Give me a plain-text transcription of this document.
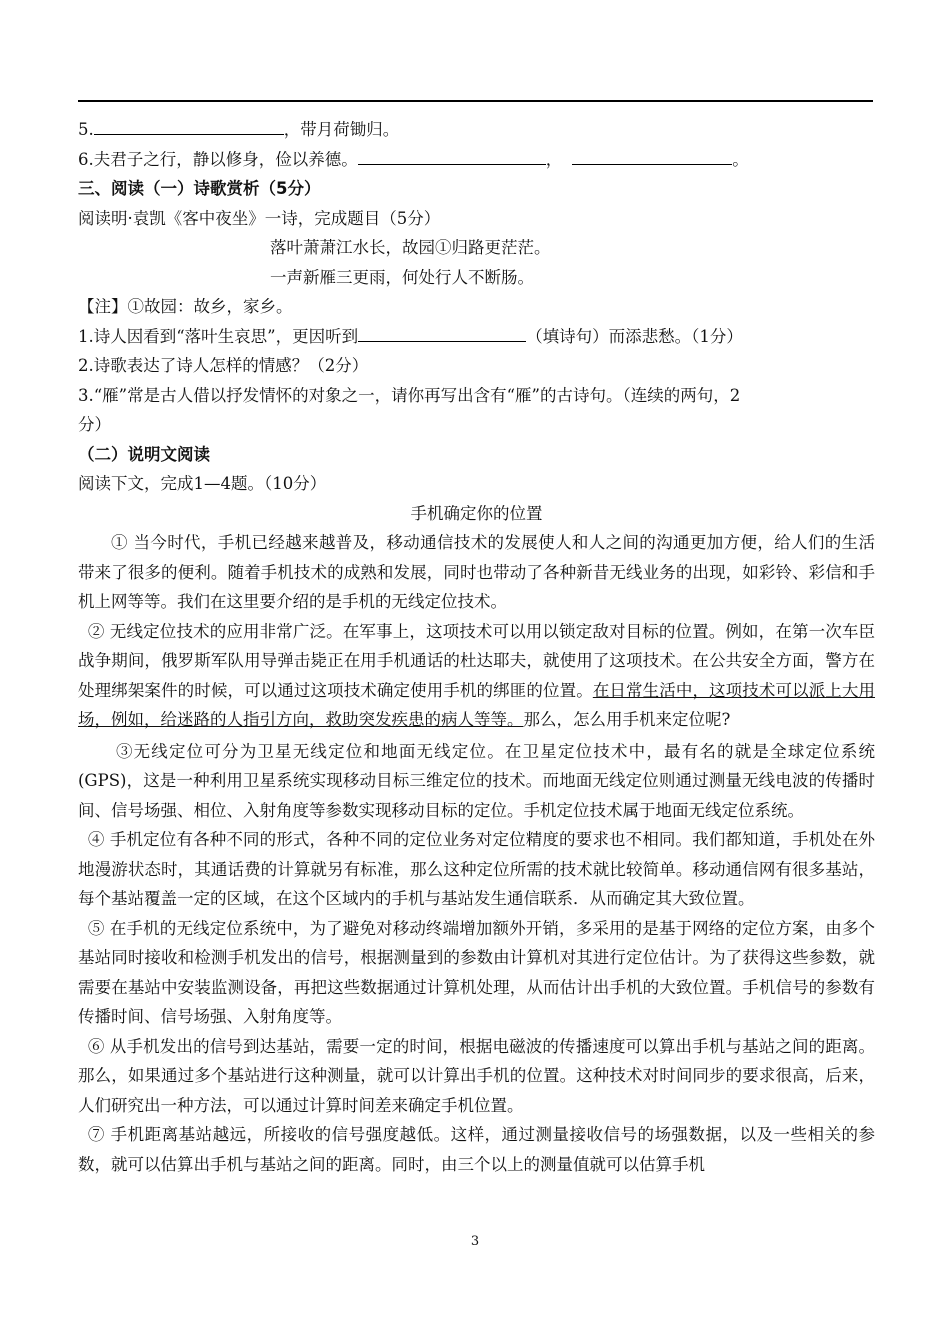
5.	，带月荷锄归。
6.夫君子之行，静以修身，俭以养德。	，	。
三、阅读（一）诗歌赏析（5分）
阅读明·袁凯《客中夜坐》一诗，完成题目（5分）
落叶萧萧江水长，故园①归路更茫茫。
一声新雁三更雨，何处行人不断肠。
【注】①故园：故乡，家乡。
1.诗人因看到“落叶生哀思”，更因听到	（填诗句）而添悲愁。（1分）
2.诗歌表达了诗人怎样的情感？（2分）
3.“雁”常是古人借以抒发情怀的对象之一，请你再写出含有“雁”的古诗句。（连续的两句，2
分）
（二）说明文阅读
阅读下文，完成1—4题。（10分）
手机确定你的位置

① 当今时代，手机已经越来越普及，移动通信技术的发展使人和人之间的沟通更加方便，给人们的生活带来了很多的便利。随着手机技术的成熟和发展，同时也带动了各种新昔无线业务的出现，如彩铃、彩信和手机上网等等。我们在这里要介绍的是手机的无线定位技术。

② 无线定位技术的应用非常广泛。在军事上，这项技术可以用以锁定敌对目标的位置。例如，在第一次车臣战争期间，俄罗斯军队用导弹击毙正在用手机通话的杜达耶夫，就使用了这项技术。在公共安全方面，警方在处理绑架案件的时候，可以通过这项技术确定使用手机的绑匪的位置。在日常生活中，这项技术可以派上大用场，例如，给迷路的人指引方向，救助突发疾患的病人等等。那么，怎么用手机来定位呢?

③无线定位可分为卫星无线定位和地面无线定位。在卫星定位技术中，最有名的就是全球定位系统(GPS)，这是一种利用卫星系统实现移动目标三维定位的技术。而地面无线定位则通过测量无线电波的传播时间、信号场强、相位、入射角度等参数实现移动目标的定位。手机定位技术属于地面无线定位系统。

④ 手机定位有各种不同的形式，各种不同的定位业务对定位精度的要求也不相同。我们都知道，手机处在外地漫游状态时，其通话费的计算就另有标准，那么这种定位所需的技术就比较简单。移动通信网有很多基站，每个基站覆盖一定的区域，在这个区域内的手机与基站发生通信联系．从而确定其大致位置。

⑤ 在手机的无线定位系统中，为了避免对移动终端增加额外开销，多采用的是基于网络的定位方案，由多个基站同时接收和检测手机发出的信号，根据测量到的参数由计算机对其进行定位估计。为了获得这些参数，就需要在基站中安装监测设备，再把这些数据通过计算机处理，从而估计出手机的大致位置。手机信号的参数有传播时间、信号场强、入射角度等。

⑥ 从手机发出的信号到达基站，需要一定的时间，根据电磁波的传播速度可以算出手机与基站之间的距离。那么，如果通过多个基站进行这种测量，就可以计算出手机的位置。这种技术对时间同步的要求很高，后来，人们研究出一种方法，可以通过计算时间差来确定手机位置。

⑦ 手机距离基站越远，所接收的信号强度越低。这样，通过测量接收信号的场强数据，以及一些相关的参数，就可以估算出手机与基站之间的距离。同时，由三个以上的测量值就可以估算手机

3
